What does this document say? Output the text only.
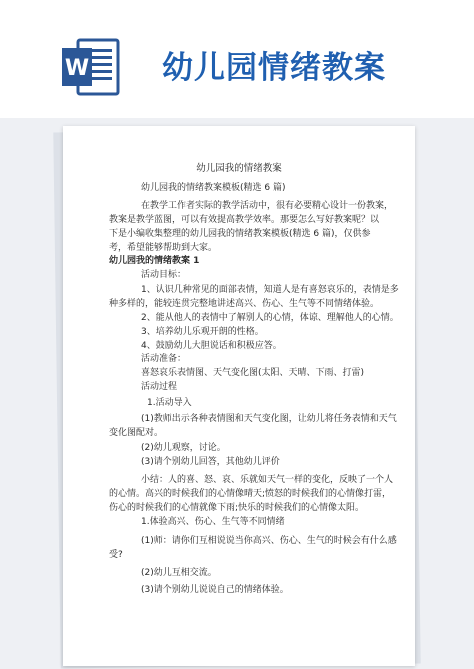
W 幼儿园情绪教案
幼儿园我的情绪教案
幼儿园我的情绪教案模板(精选 6 篇)
在教学工作者实际的教学活动中，很有必要精心设计一份教案，
教案是教学蓝图，可以有效提高教学效率。那要怎么写好教案呢？以
下是小编收集整理的幼儿园我的情绪教案模板(精选 6 篇)，仅供参
考，希望能够帮助到大家。
幼儿园我的情绪教案 1
活动目标：
1、认识几种常见的面部表情，知道人是有喜怒哀乐的，表情是多
种多样的，能较连贯完整地讲述高兴、伤心、生气等不同情绪体验。
2、能从他人的表情中了解别人的心情，体谅、理解他人的心情。
3、培养幼儿乐观开朗的性格。
4、鼓励幼儿大胆说话和积极应答。
活动准备：
喜怒哀乐表情图、天气变化图(太阳、天晴、下雨、打雷)
活动过程
1.活动导入
(1)教师出示各种表情图和天气变化图，让幼儿将任务表情和天气
变化图配对。
(2)幼儿观察，讨论。
(3)请个别幼儿回答，其他幼儿评价
小结：人的喜、怒、哀、乐就如天气一样的变化，反映了一个人
的心情。高兴的时候我们的心情像晴天;愤怒的时候我们的心情像打雷，
伤心的时候我们的心情就像下雨;快乐的时候我们的心情像太阳。
1.体验高兴、伤心、生气等不同情绪
(1)师：请你们互相说说当你高兴、伤心、生气的时候会有什么感
受?
(2)幼儿互相交流。
(3)请个别幼儿说说自己的情绪体验。
